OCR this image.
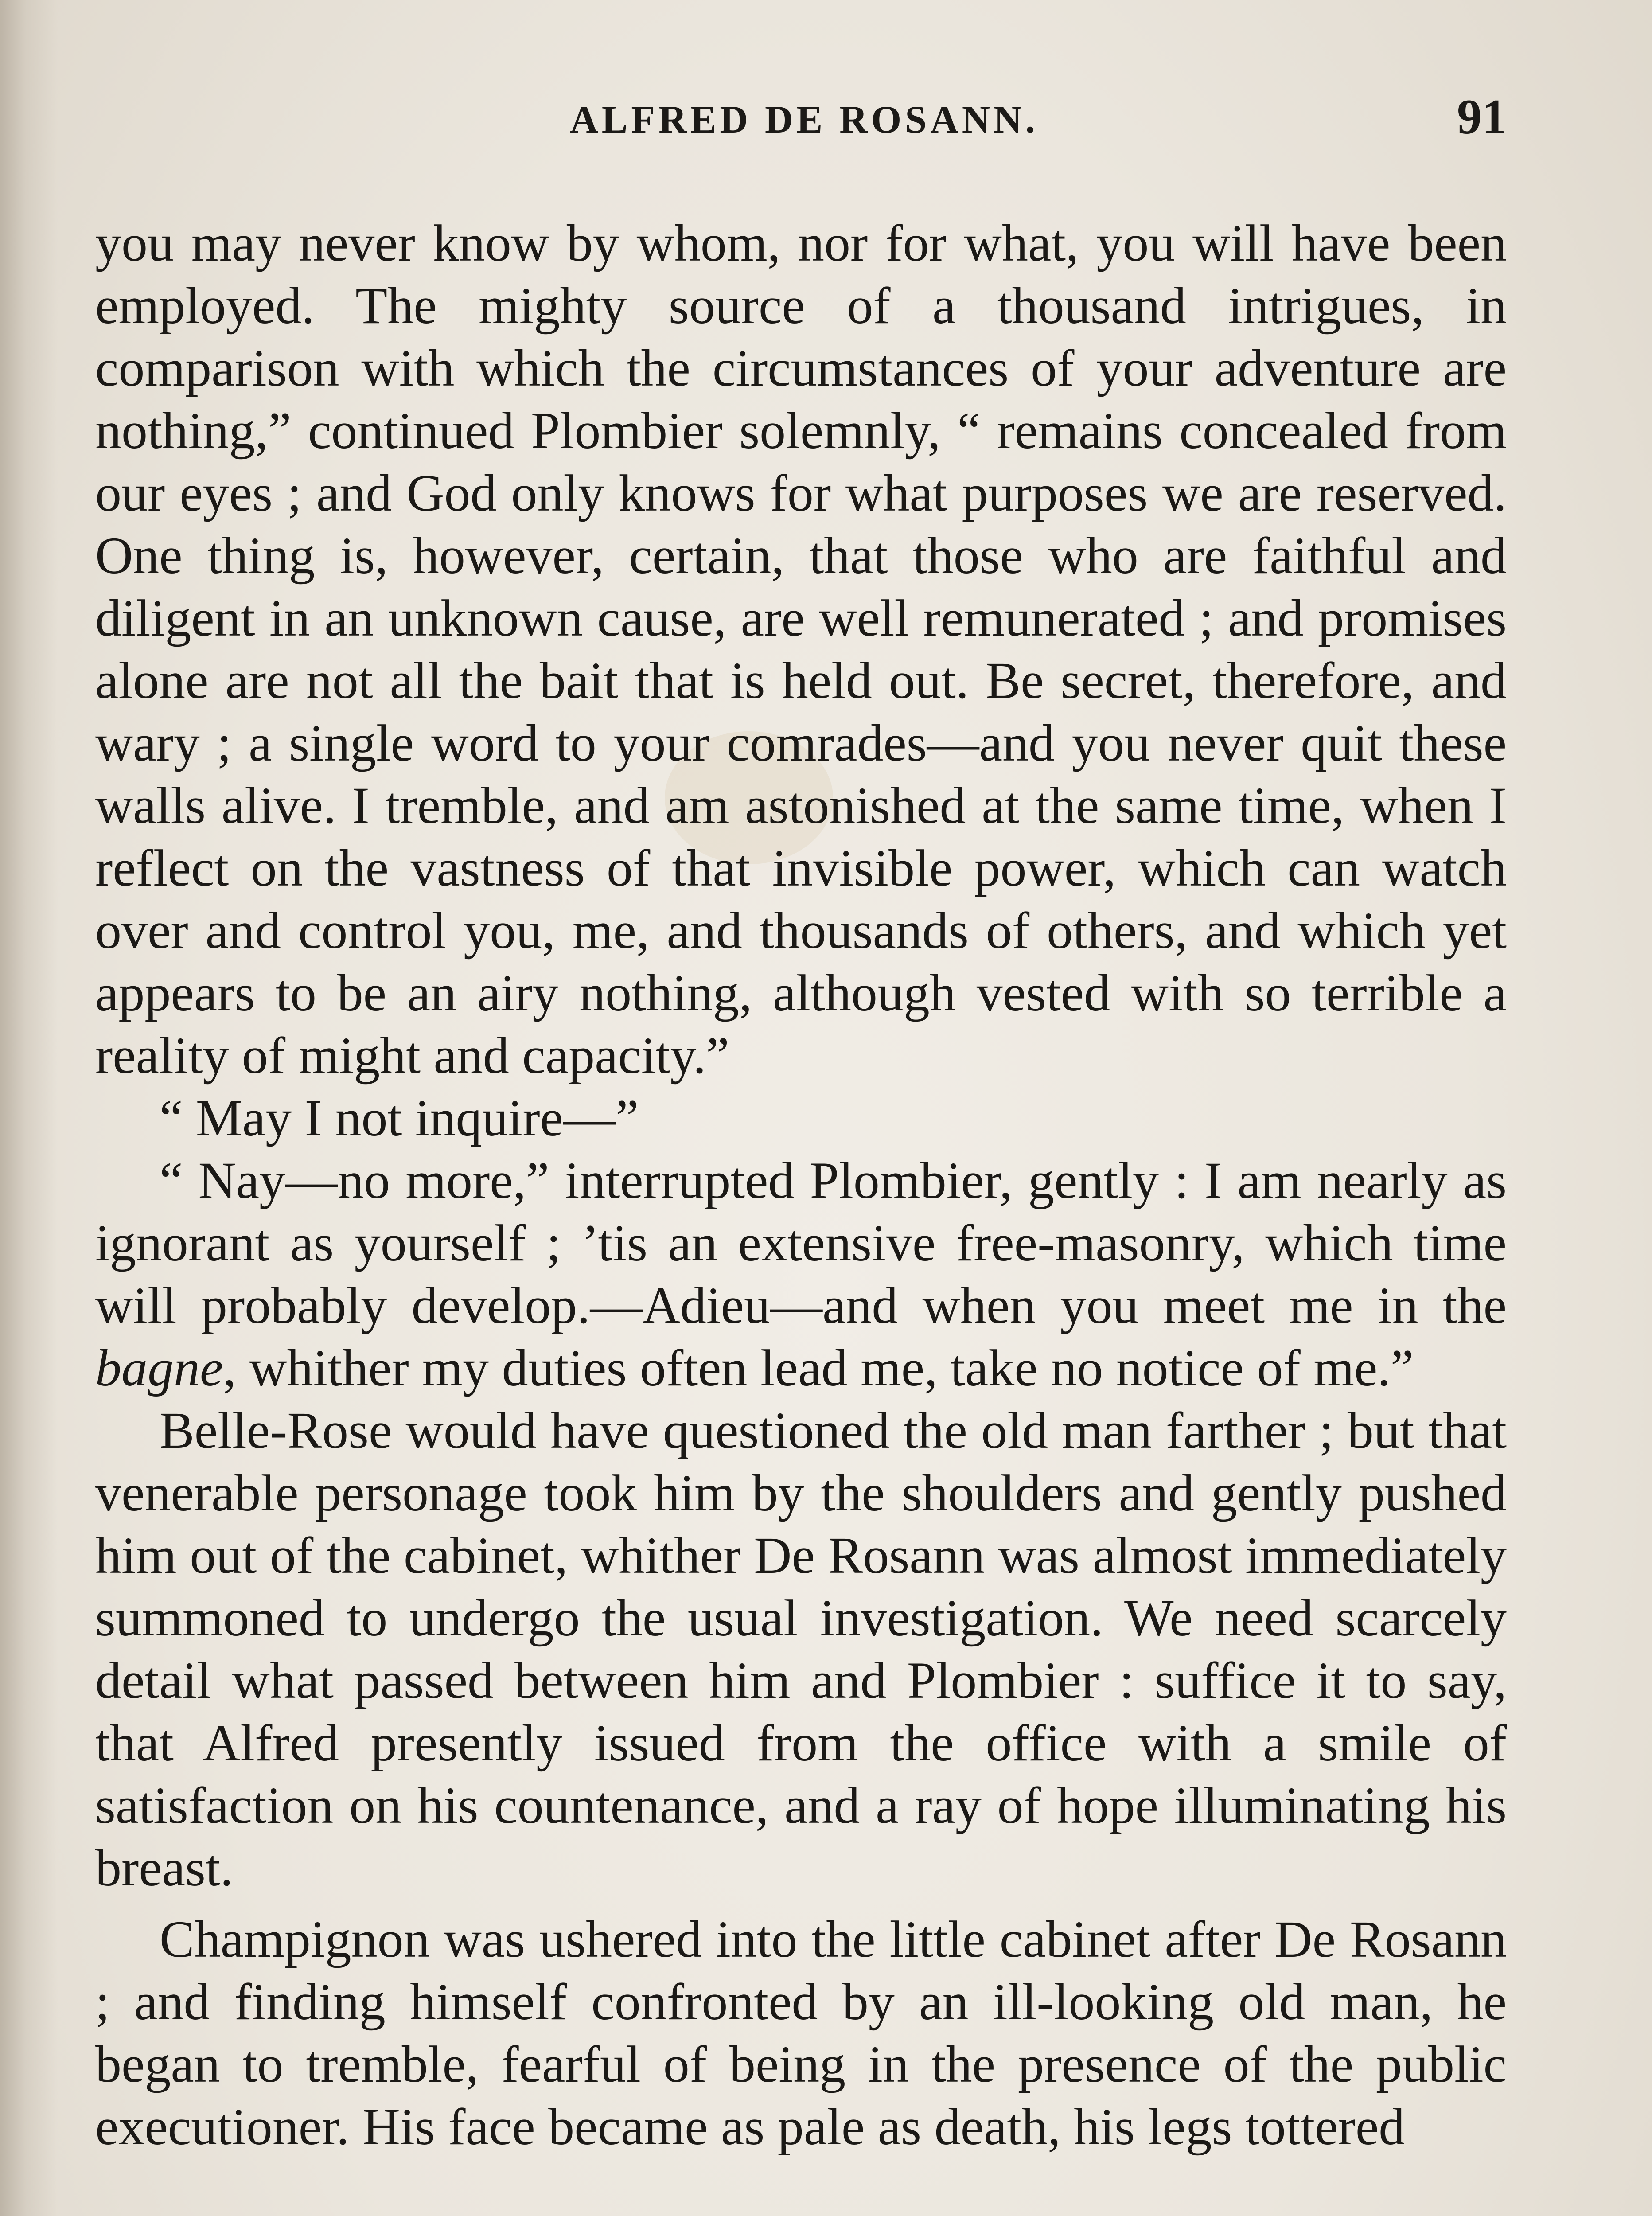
ALFRED DE ROSANN.	91

you may never know by whom, nor for what, you will have been employed. The mighty source of a thousand intrigues, in comparison with which the circumstances of your adventure are nothing,” continued Plombier solemnly, “ remains concealed from our eyes ; and God only knows for what purposes we are reserved. One thing is, however, certain, that those who are faithful and diligent in an unknown cause, are well remunerated ; and promises alone are not all the bait that is held out. Be secret, therefore, and wary ; a single word to your comrades—and you never quit these walls alive. I tremble, and am astonished at the same time, when I reflect on the vastness of that invisible power, which can watch over and control you, me, and thousands of others, and which yet appears to be an airy nothing, although vested with so terrible a reality of might and capacity.”

“ May I not inquire—”

“ Nay—no more,” interrupted Plombier, gently : I am nearly as ignorant as yourself ; ’tis an extensive free-masonry, which time will probably develop.—Adieu—and when you meet me in the bagne, whither my duties often lead me, take no notice of me.”

Belle-Rose would have questioned the old man farther ; but that venerable personage took him by the shoulders and gently pushed him out of the cabinet, whither De Rosann was almost immediately summoned to undergo the usual investigation. We need scarcely detail what passed between him and Plombier : suffice it to say, that Alfred presently issued from the office with a smile of satisfaction on his countenance, and a ray of hope illuminating his breast.

Champignon was ushered into the little cabinet after De Rosann ; and finding himself confronted by an ill-looking old man, he began to tremble, fearful of being in the presence of the public executioner. His face became as pale as death, his legs tottered
